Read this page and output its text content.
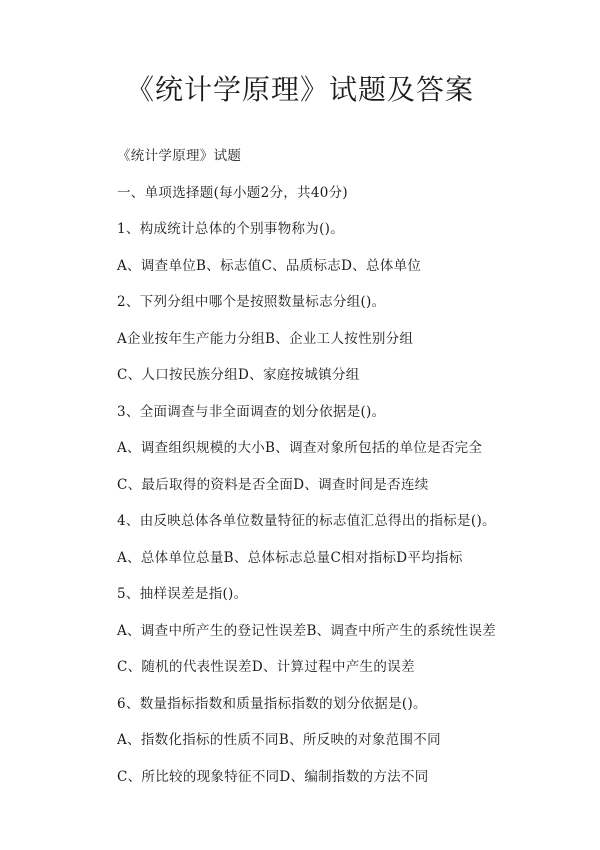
《统计学原理》试题及答案

《统计学原理》试题

一、单项选择题(每小题2分，共40分)

1、构成统计总体的个别事物称为()。

A、调查单位B、标志值C、品质标志D、总体单位

2、下列分组中哪个是按照数量标志分组()。

A企业按年生产能力分组B、企业工人按性别分组

C、人口按民族分组D、家庭按城镇分组

3、全面调查与非全面调查的划分依据是()。

A、调查组织规模的大小B、调查对象所包括的单位是否完全

C、最后取得的资料是否全面D、调查时间是否连续

4、由反映总体各单位数量特征的标志值汇总得出的指标是()。

A、总体单位总量B、总体标志总量C相对指标D平均指标

5、抽样误差是指()。

A、调查中所产生的登记性误差B、调查中所产生的系统性误差

C、随机的代表性误差D、计算过程中产生的误差

6、数量指标指数和质量指标指数的划分依据是()。

A、指数化指标的性质不同B、所反映的对象范围不同

C、所比较的现象特征不同D、编制指数的方法不同
